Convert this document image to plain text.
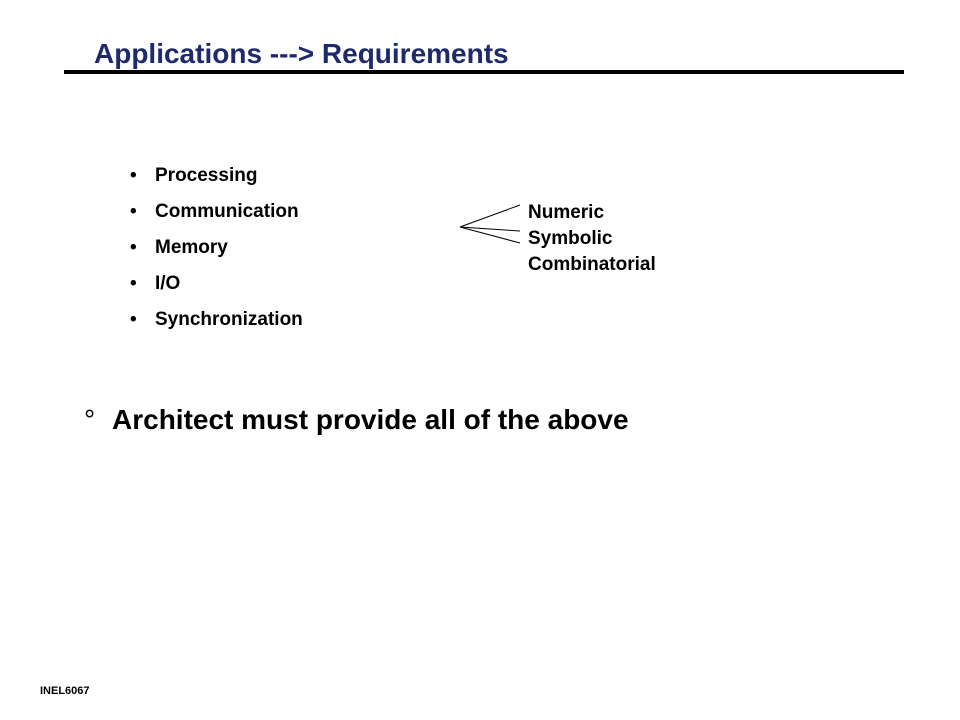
Applications ---> Requirements
• Processing
• Communication
• Memory
• I/O
• Synchronization
Numeric
Symbolic
Combinatorial
° Architect must provide all of the above
INEL6067
